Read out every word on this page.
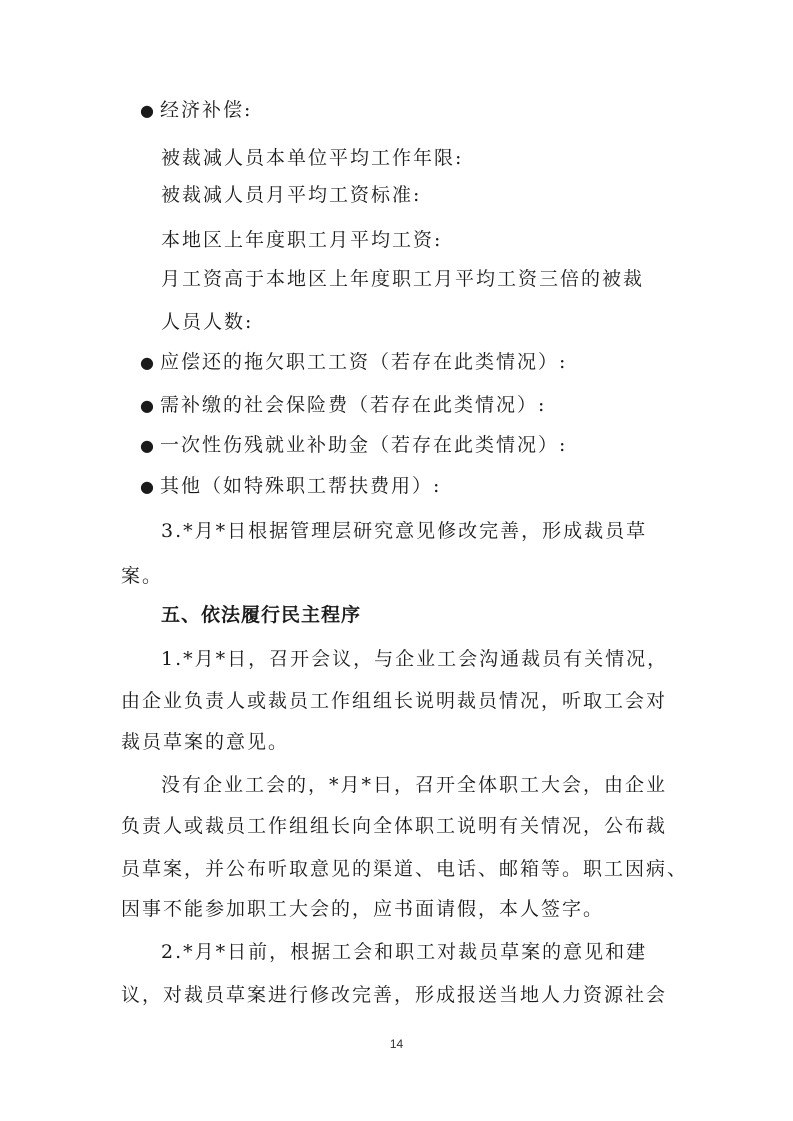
● 经济补偿:
被裁减人员本单位平均工作年限:
被裁减人员月平均工资标准:
本地区上年度职工月平均工资:
月工资高于本地区上年度职工月平均工资三倍的被裁
人员人数:
● 应偿还的拖欠职工工资（若存在此类情况）:
● 需补缴的社会保险费（若存在此类情况）:
● 一次性伤残就业补助金（若存在此类情况）:
● 其他（如特殊职工帮扶费用）:
3.*月*日根据管理层研究意见修改完善，形成裁员草
案。
五、依法履行民主程序
1.*月*日，召开会议，与企业工会沟通裁员有关情况，
由企业负责人或裁员工作组组长说明裁员情况，听取工会对
裁员草案的意见。
没有企业工会的，*月*日，召开全体职工大会，由企业
负责人或裁员工作组组长向全体职工说明有关情况，公布裁
员草案，并公布听取意见的渠道、电话、邮箱等。职工因病、
因事不能参加职工大会的，应书面请假，本人签字。
2.*月*日前，根据工会和职工对裁员草案的意见和建
议，对裁员草案进行修改完善，形成报送当地人力资源社会
14
